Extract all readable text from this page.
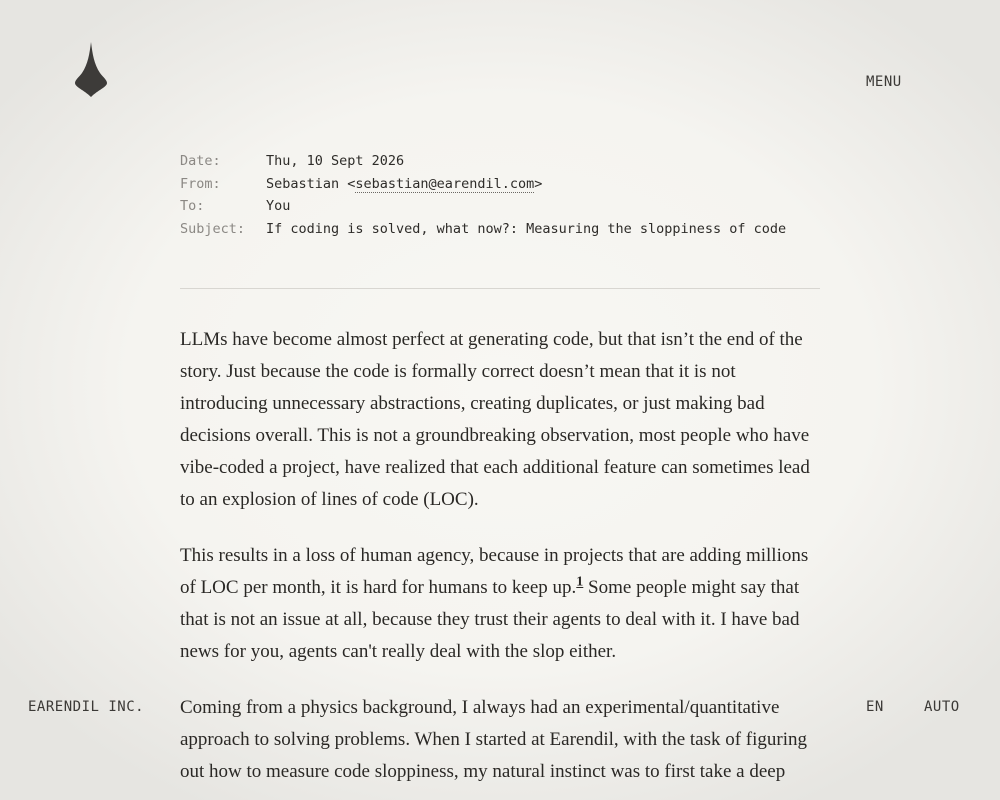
MENU
Date:	Thu, 10 Sept 2026
From:	Sebastian <sebastian@earendil.com>
To:	You
Subject:	If coding is solved, what now?: Measuring the sloppiness of code

LLMs have become almost perfect at generating code, but that isn’t the end of the story. Just because the code is formally correct doesn’t mean that it is not introducing unnecessary abstractions, creating duplicates, or just making bad decisions overall. This is not a groundbreaking observation, most people who have vibe-coded a project, have realized that each additional feature can sometimes lead to an explosion of lines of code (LOC).

This results in a loss of human agency, because in projects that are adding millions of LOC per month, it is hard for humans to keep up.$^1$ Some people might say that that is not an issue at all, because they trust their agents to deal with it. I have bad news for you, agents can't really deal with the slop either.

Coming from a physics background, I always had an experimental/quantitative approach to solving problems. When I started at Earendil, with the task of figuring out how to measure code sloppiness, my natural instinct was to first take a deep

EARENDIL INC.	EN	AUTO
